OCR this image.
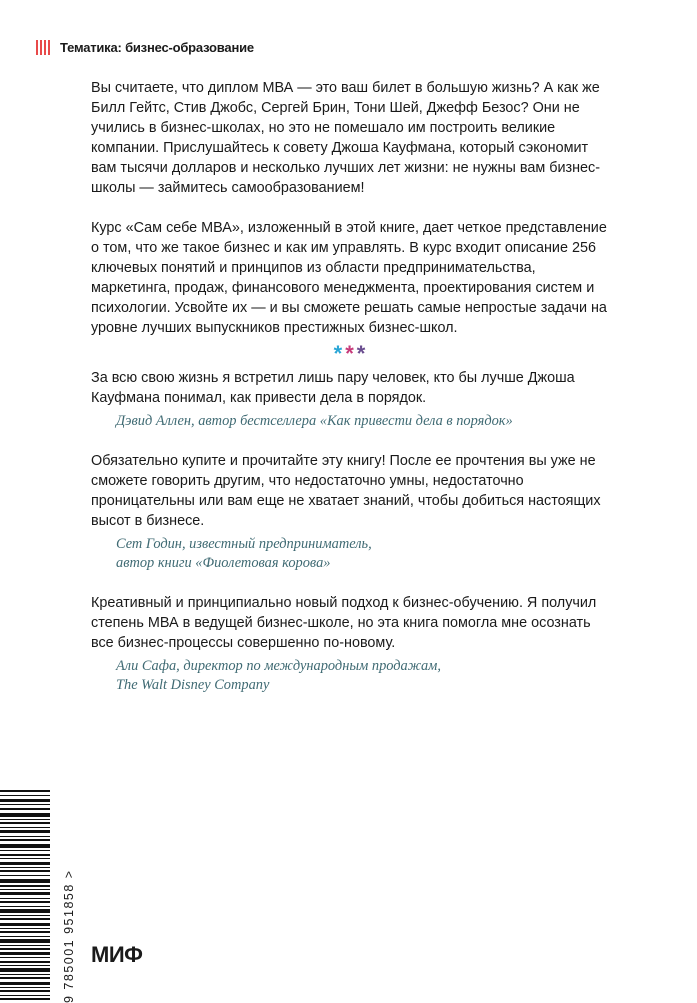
Тематика: бизнес-образование

Вы считаете, что диплом МВА — это ваш билет в большую жизнь? А как же Билл Гейтс, Стив Джобс, Сергей Брин, Тони Шей, Джефф Безос? Они не учились в бизнес-школах, но это не помешало им построить великие компании. Прислушайтесь к совету Джоша Кауфмана, который сэкономит вам тысячи долларов и несколько лучших лет жизни: не нужны вам бизнес-школы — займитесь самообразованием!

Курс «Сам себе МВА», изложенный в этой книге, дает четкое представление о том, что же такое бизнес и как им управлять. В курс входит описание 256 ключевых понятий и принципов из области предпринимательства, маркетинга, продаж, финансового менеджмента, проектирования систем и психологии. Усвойте их — и вы сможете решать самые непростые задачи на уровне лучших выпускников престижных бизнес-школ.

***

За всю свою жизнь я встретил лишь пару человек, кто бы лучше Джоша Кауфмана понимал, как привести дела в порядок.

Дэвид Аллен, автор бестселлера «Как привести дела в порядок»

Обязательно купите и прочитайте эту книгу! После ее прочтения вы уже не сможете говорить другим, что недостаточно умны, недостаточно проницательны или вам еще не хватает знаний, чтобы добиться настоящих высот в бизнесе.

Сет Годин, известный предприниматель,
автор книги «Фиолетовая корова»

Креативный и принципиально новый подход к бизнес-обучению. Я получил степень МВА в ведущей бизнес-школе, но эта книга помогла мне осознать все бизнес-процессы совершенно по-новому.

Али Сафа, директор по международным продажам,
The Walt Disney Company
9 785001 951858 > МИФ
